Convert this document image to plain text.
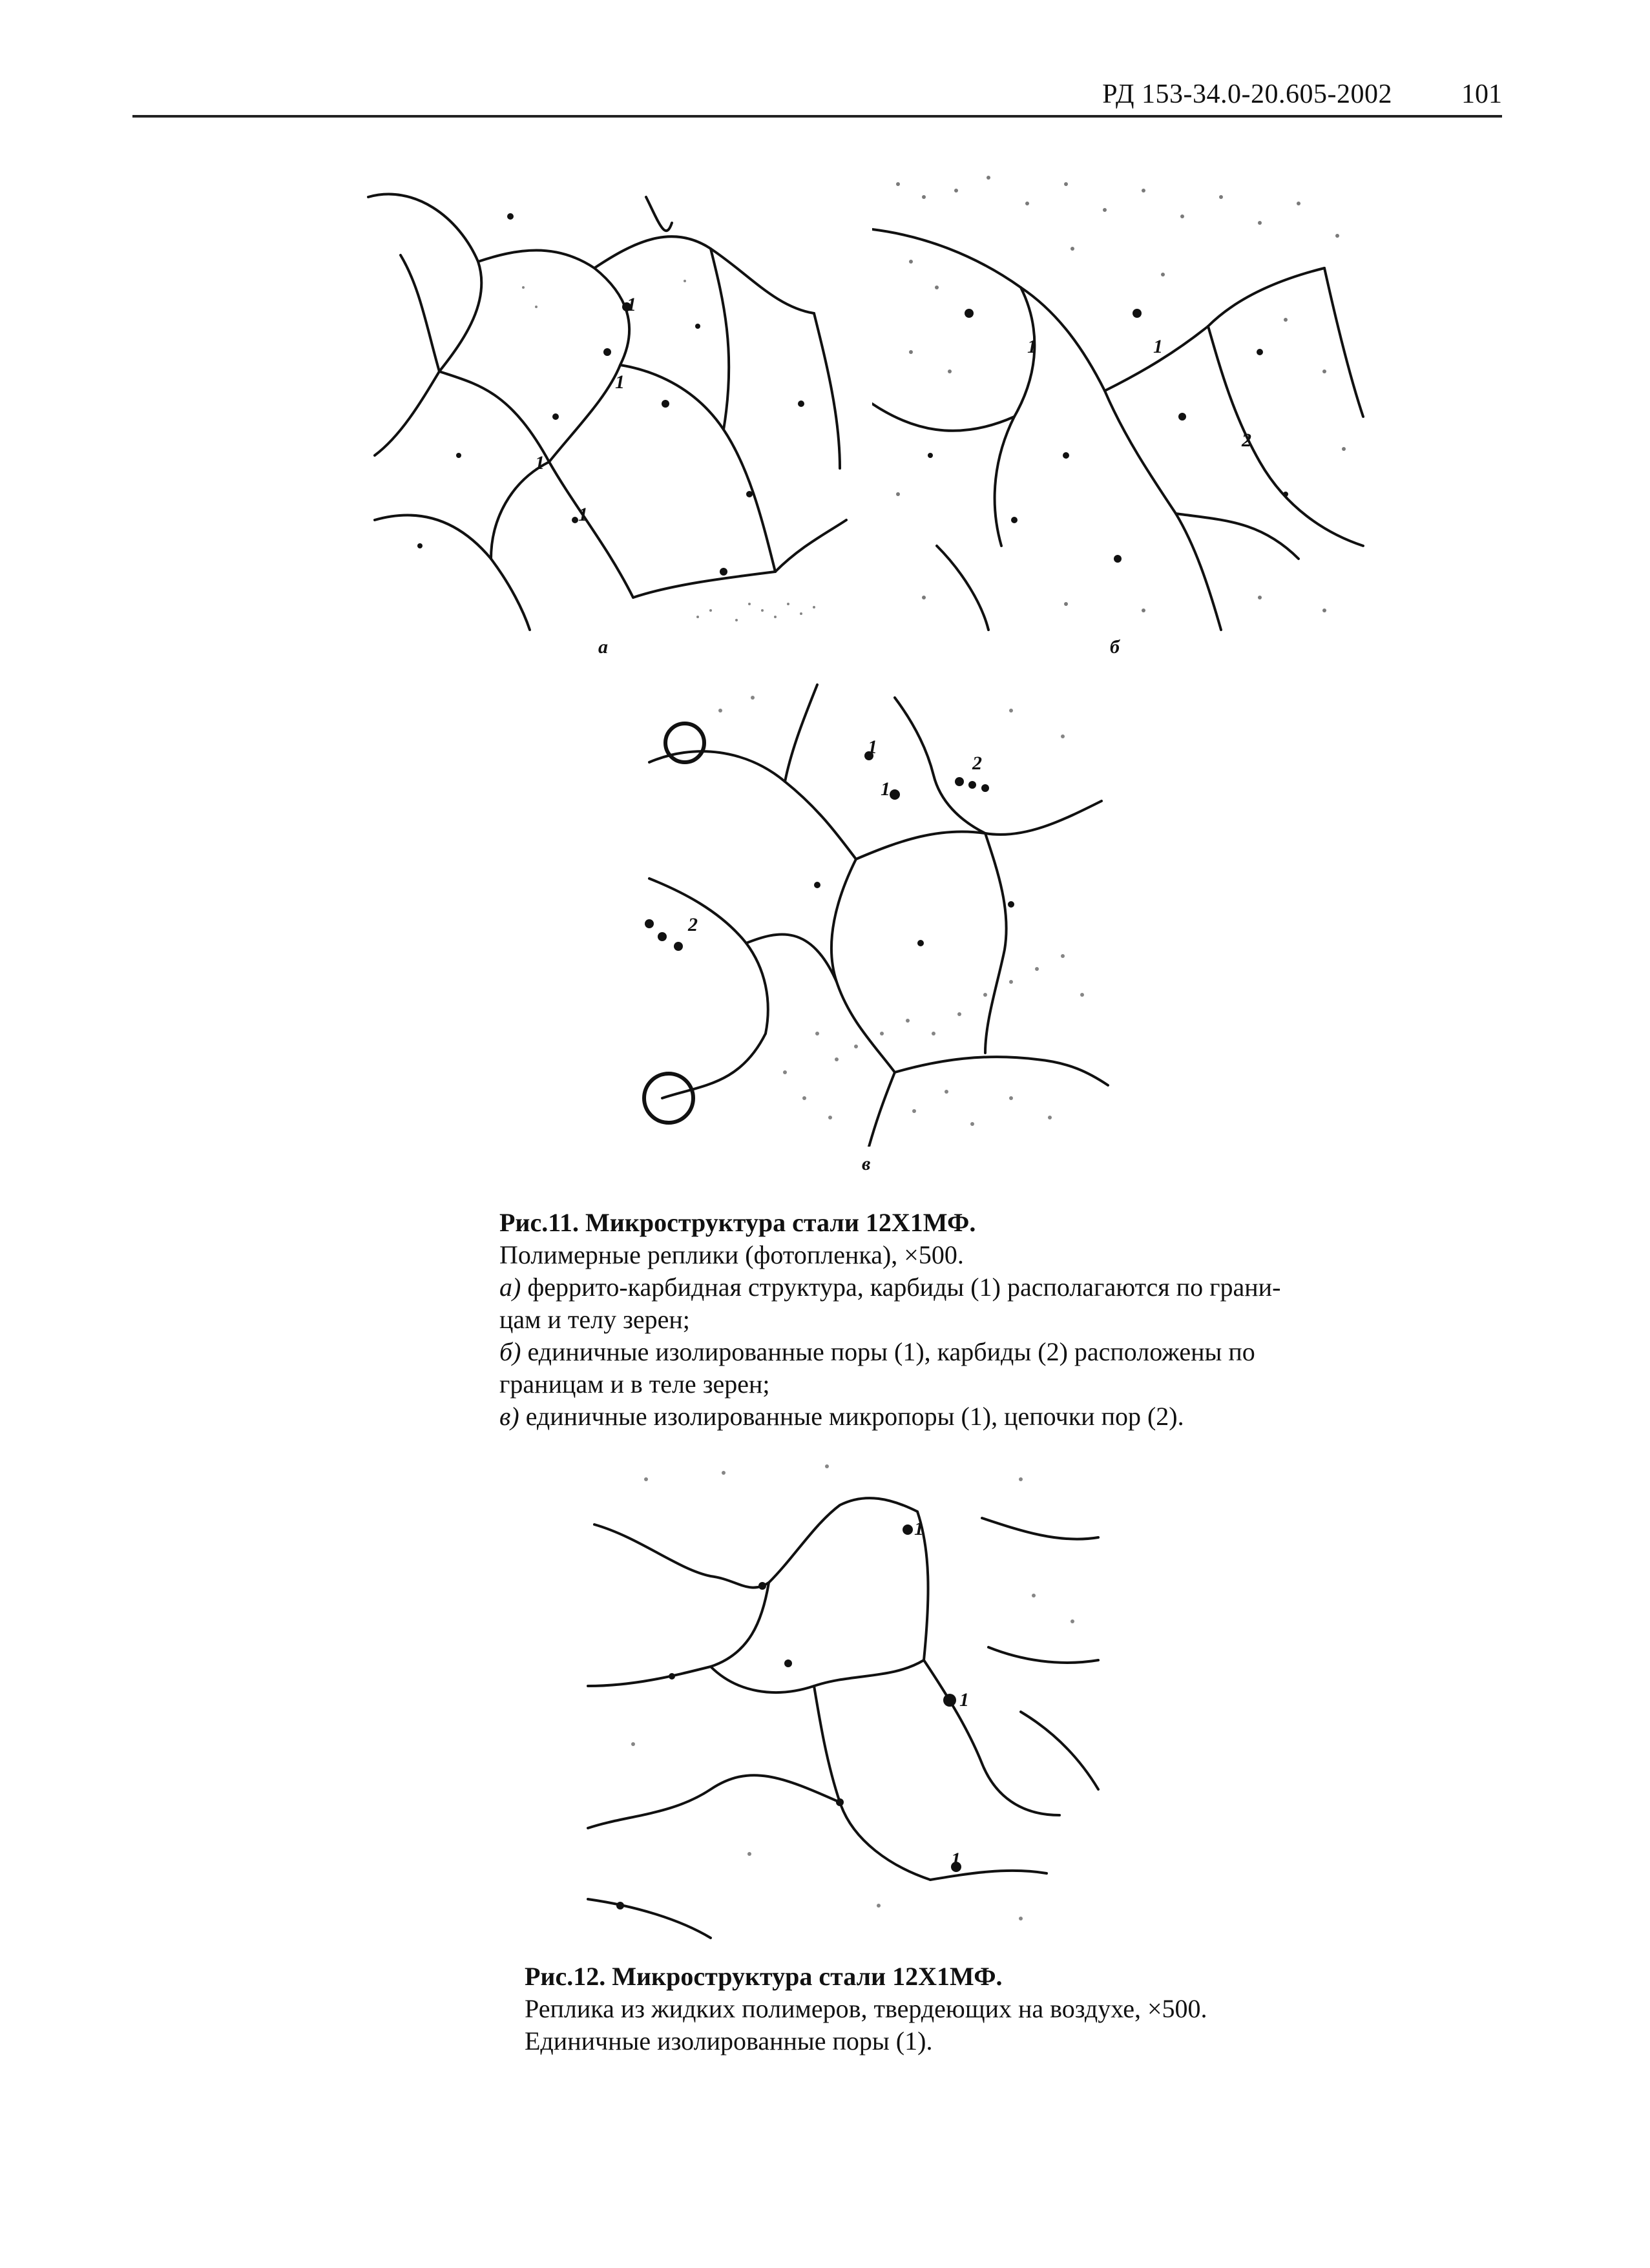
РД 153-34.0-20.605-2002	101
1
1
1
1
а
1	1
2
б
1
1
2
2
в
Рис.11. Микроструктура стали 12Х1МФ.
Полимерные реплики (фотопленка), ×500.
а) феррито-карбидная структура, карбиды (1) располагаются по грани-
цам и телу зерен;
б) единичные изолированные поры (1), карбиды (2) расположены по
границам и в теле зерен;
в) единичные изолированные микропоры (1), цепочки пор (2).
1
1
1
Рис.12. Микроструктура стали 12Х1МФ.
Реплика из жидких полимеров, твердеющих на воздухе, ×500.
Единичные изолированные поры (1).
